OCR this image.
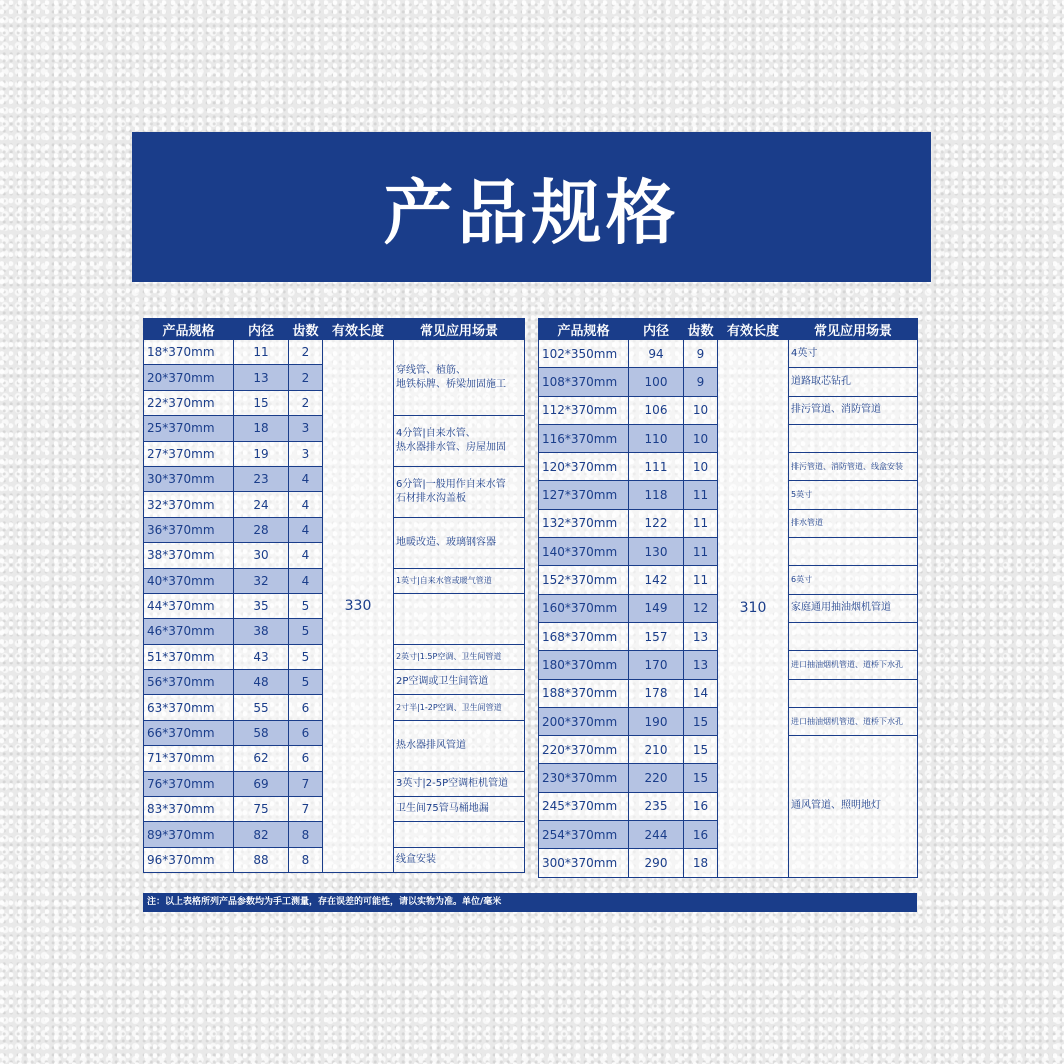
产品规格
产品规格	内径	齿数	有效长度	常见应用场景
18*370mm	11	2	330	穿线管、植筋、
地铁标牌、桥梁加固施工
20*370mm	13	2		
22*370mm	15	2		
25*370mm	18	3		4分管|自来水管、
热水器排水管、房屋加固
27*370mm	19	3		
30*370mm	23	4		6分管|一般用作自来水管
石材排水沟盖板
32*370mm	24	4		
36*370mm	28	4		地暖改造、玻璃钢容器
38*370mm	30	4		
40*370mm	32	4		1英寸|自来水管或暖气管道
44*370mm	35	5		
46*370mm	38	5		
51*370mm	43	5		2英寸|1.5P空调、卫生间管道
56*370mm	48	5		2P空调或卫生间管道
63*370mm	55	6		2寸半|1-2P空调、卫生间管道
66*370mm	58	6		热水器排风管道
71*370mm	62	6		
76*370mm	69	7		3英寸|2-5P空调柜机管道
83*370mm	75	7		卫生间75管马桶地漏
89*370mm	82	8		
96*370mm	88	8		线盒安装
产品规格	内径	齿数	有效长度	常见应用场景
102*350mm	94	9	310	4英寸
108*370mm	100	9		道路取芯钻孔
112*370mm	106	10		排污管道、消防管道
116*370mm	110	10		
120*370mm	111	10		排污管道、消防管道、线盒安装
127*370mm	118	11		5英寸
132*370mm	122	11		排水管道
140*370mm	130	11		
152*370mm	142	11		6英寸
160*370mm	149	12		家庭通用抽油烟机管道
168*370mm	157	13		
180*370mm	170	13		进口抽油烟机管道、道桥下水孔
188*370mm	178	14		
200*370mm	190	15		进口抽油烟机管道、道桥下水孔
220*370mm	210	15		通风管道、照明地灯
230*370mm	220	15		
245*370mm	235	16		
254*370mm	244	16		
300*370mm	290	18		
注：以上表格所列产品参数均为手工测量，存在误差的可能性，请以实物为准。单位/毫米
